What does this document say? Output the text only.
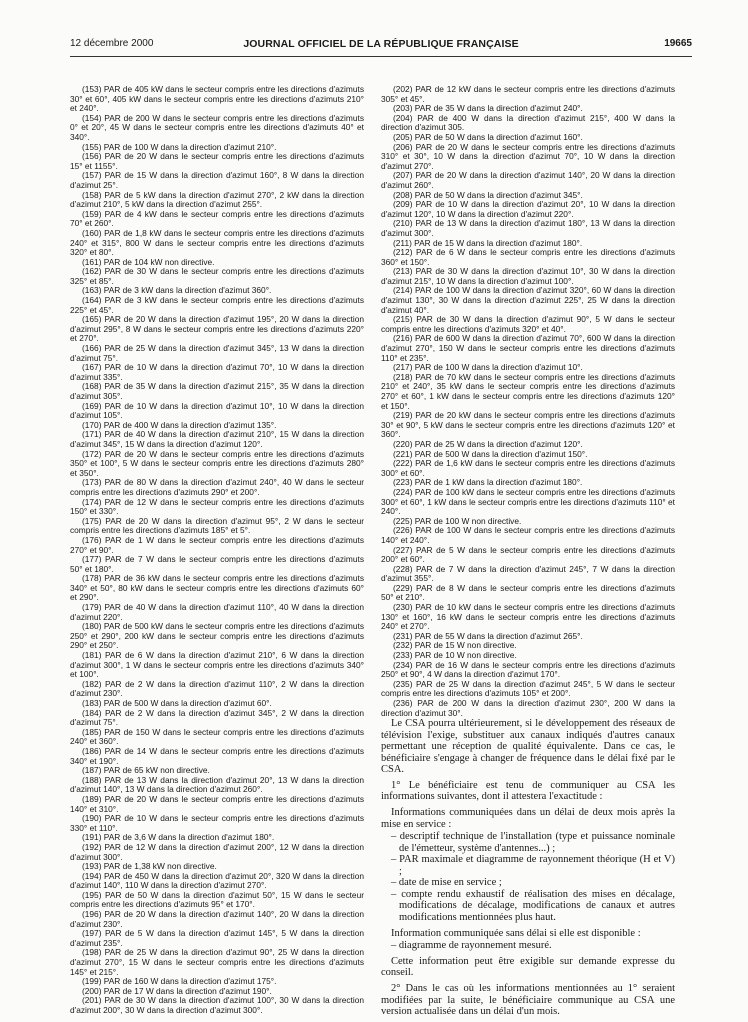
12 décembre 2000	JOURNAL OFFICIEL DE LA RÉPUBLIQUE FRANÇAISE	19665

(153) PAR de 405 kW dans le secteur compris entre les directions d'azimuts 30° et 60°, 405 kW dans le secteur compris entre les directions d'azimuts 210° et 240°.

(154) PAR de 200 W dans le secteur compris entre les directions d'azimuts 0° et 20°, 45 W dans le secteur compris entre les directions d'azimuts 40° et 340°.

(155) PAR de 100 W dans la direction d'azimut 210°.

(156) PAR de 20 W dans le secteur compris entre les directions d'azimuts 15° et 1155°.

(157) PAR de 15 W dans la direction d'azimut 160°, 8 W dans la direction d'azimut 25°.

(158) PAR de 5 kW dans la direction d'azimut 270°, 2 kW dans la direction d'azimut 210°, 5 kW dans la direction d'azimut 255°.

(159) PAR de 4 kW dans le secteur compris entre les directions d'azimuts 70° et 260°.

(160) PAR de 1,8 kW dans le secteur compris entre les directions d'azimuts 240° et 315°, 800 W dans le secteur compris entre les directions d'azimuts 320° et 80°.

(161) PAR de 104 kW non directive.

(162) PAR de 30 W dans le secteur compris entre les directions d'azimuts 325° et 85°.

(163) PAR de 3 kW dans la direction d'azimut 360°.

(164) PAR de 3 kW dans le secteur compris entre les directions d'azimuts 225° et 45°.

(165) PAR de 20 W dans la direction d'azimut 195°, 20 W dans la direction d'azimut 295°, 8 W dans le secteur compris entre les directions d'azimuts 220° et 270°.

(166) PAR de 25 W dans la direction d'azimut 345°, 13 W dans la direction d'azimut 75°.

(167) PAR de 10 W dans la direction d'azimut 70°, 10 W dans la direction d'azimut 335°.

(168) PAR de 35 W dans la direction d'azimut 215°, 35 W dans la direction d'azimut 305°.

(169) PAR de 10 W dans la direction d'azimut 10°, 10 W dans la direction d'azimut 105°.

(170) PAR de 400 W dans la direction d'azimut 135°.

(171) PAR de 40 W dans la direction d'azimut 210°, 15 W dans la direction d'azimut 345°, 15 W dans la direction d'azimut 120°.

(172) PAR de 20 W dans le secteur compris entre les directions d'azimuts 350° et 100°, 5 W dans le secteur compris entre les directions d'azimuts 280° et 350°.

(173) PAR de 80 W dans la direction d'azimut 240°, 40 W dans le secteur compris entre les directions d'azimuts 290° et 200°.

(174) PAR de 12 W dans le secteur compris entre les directions d'azimuts 150° et 330°.

(175) PAR de 20 W dans la direction d'azimut 95°, 2 W dans le secteur compris entre les directions d'azimuts 185° et 5°.

(176) PAR de 1 W dans le secteur compris entre les directions d'azimuts 270° et 90°.

(177) PAR de 7 W dans le secteur compris entre les directions d'azimuts 50° et 180°.

(178) PAR de 36 kW dans le secteur compris entre les directions d'azimuts 340° et 50°, 80 kW dans le secteur compris entre les directions d'azimuts 60° et 290°.

(179) PAR de 40 W dans la direction d'azimut 110°, 40 W dans la direction d'azimut 220°.

(180) PAR de 500 kW dans le secteur compris entre les directions d'azimuts 250° et 290°, 200 kW dans le secteur compris entre les directions d'azimuts 290° et 250°.

(181) PAR de 6 W dans la direction d'azimut 210°, 6 W dans la direction d'azimut 300°, 1 W dans le secteur compris entre les directions d'azimuts 340° et 100°.

(182) PAR de 2 W dans la direction d'azimut 110°, 2 W dans la direction d'azimut 230°.

(183) PAR de 500 W dans la direction d'azimut 60°.

(184) PAR de 2 W dans la direction d'azimut 345°, 2 W dans la direction d'azimut 75°.

(185) PAR de 150 W dans le secteur compris entre les directions d'azimuts 240° et 360°.

(186) PAR de 14 W dans le secteur compris entre les directions d'azimuts 340° et 190°.

(187) PAR de 65 kW non directive.

(188) PAR de 13 W dans la direction d'azimut 20°, 13 W dans la direction d'azimut 140°, 13 W dans la direction d'azimut 260°.

(189) PAR de 20 W dans le secteur compris entre les directions d'azimuts 140° et 310°.

(190) PAR de 10 W dans le secteur compris entre les directions d'azimuts 330° et 110°.

(191) PAR de 3,6 W dans la direction d'azimut 180°.

(192) PAR de 12 W dans la direction d'azimut 200°, 12 W dans la direction d'azimut 300°.

(193) PAR de 1,38 kW non directive.

(194) PAR de 450 W dans la direction d'azimut 20°, 320 W dans la direction d'azimut 140°, 110 W dans la direction d'azimut 270°.

(195) PAR de 50 W dans la direction d'azimut 50°, 15 W dans le secteur compris entre les directions d'azimuts 95° et 170°.

(196) PAR de 20 W dans la direction d'azimut 140°, 20 W dans la direction d'azimut 230°.

(197) PAR de 5 W dans la direction d'azimut 145°, 5 W dans la direction d'azimut 235°.

(198) PAR de 25 W dans la direction d'azimut 90°, 25 W dans la direction d'azimut 270°, 15 W dans le secteur compris entre les directions d'azimuts 145° et 215°.

(199) PAR de 160 W dans la direction d'azimut 175°.

(200) PAR de 17 W dans la direction d'azimut 190°.

(201) PAR de 30 W dans la direction d'azimut 100°, 30 W dans la direction d'azimut 200°, 30 W dans la direction d'azimut 300°.

(202) PAR de 12 kW dans le secteur compris entre les directions d'azimuts 305° et 45°.

(203) PAR de 35 W dans la direction d'azimut 240°.

(204) PAR de 400 W dans la direction d'azimut 215°, 400 W dans la direction d'azimut 305.

(205) PAR de 50 W dans la direction d'azimut 160°.

(206) PAR de 20 W dans le secteur compris entre les directions d'azimuts 310° et 30°, 10 W dans la direction d'azimut 70°, 10 W dans la direction d'azimut 270°.

(207) PAR de 20 W dans la direction d'azimut 140°, 20 W dans la direction d'azimut 260°.

(208) PAR de 50 W dans la direction d'azimut 345°.

(209) PAR de 10 W dans la direction d'azimut 20°, 10 W dans la direction d'azimut 120°, 10 W dans la direction d'azimut 220°.

(210) PAR de 13 W dans la direction d'azimut 180°, 13 W dans la direction d'azimut 300°.

(211) PAR de 15 W dans la direction d'azimut 180°.

(212) PAR de 6 W dans le secteur compris entre les directions d'azimuts 360° et 150°.

(213) PAR de 30 W dans la direction d'azimut 10°, 30 W dans la direction d'azimut 215°, 10 W dans la direction d'azimut 100°.

(214) PAR de 100 W dans la direction d'azimut 320°, 60 W dans la direction d'azimut 130°, 30 W dans la direction d'azimut 225°, 25 W dans la direction d'azimut 40°.

(215) PAR de 30 W dans la direction d'azimut 90°, 5 W dans le secteur compris entre les directions d'azimuts 320° et 40°.

(216) PAR de 600 W dans la direction d'azimut 70°, 600 W dans la direction d'azimut 270°, 150 W dans le secteur compris entre les directions d'azimuts 110° et 235°.

(217) PAR de 100 W dans la direction d'azimut 10°.

(218) PAR de 70 kW dans le secteur compris entre les directions d'azimuts 210° et 240°, 35 kW dans le secteur compris entre les directions d'azimuts 270° et 60°, 1 kW dans le secteur compris entre les directions d'azimuts 120° et 150°.

(219) PAR de 20 kW dans le secteur compris entre les directions d'azimuts 30° et 90°, 5 kW dans le secteur compris entre les directions d'azimuts 120° et 360°.

(220) PAR de 25 W dans la direction d'azimut 120°.

(221) PAR de 500 W dans la direction d'azimut 150°.

(222) PAR de 1,6 kW dans le secteur compris entre les directions d'azimuts 300° et 60°.

(223) PAR de 1 kW dans la direction d'azimut 180°.

(224) PAR de 100 kW dans le secteur compris entre les directions d'azimuts 300° et 60°, 1 kW dans le secteur compris entre les directions d'azimuts 110° et 240°.

(225) PAR de 100 W non directive.

(226) PAR de 100 W dans le secteur compris entre les directions d'azimuts 140° et 240°.

(227) PAR de 5 W dans le secteur compris entre les directions d'azimuts 200° et 60°.

(228) PAR de 7 W dans la direction d'azimut 245°, 7 W dans la direction d'azimut 355°.

(229) PAR de 8 W dans le secteur compris entre les directions d'azimuts 50° et 210°.

(230) PAR de 10 kW dans le secteur compris entre les directions d'azimuts 130° et 160°, 16 kW dans le secteur compris entre les directions d'azimuts 240° et 270°.

(231) PAR de 55 W dans la direction d'azimut 265°.

(232) PAR de 15 W non directive.

(233) PAR de 10 W non directive.

(234) PAR de 16 W dans le secteur compris entre les directions d'azimuts 250° et 90°, 4 W dans la direction d'azimut 170°.

(235) PAR de 25 W dans la direction d'azimut 245°, 5 W dans le secteur compris entre les directions d'azimuts 105° et 200°.

(236) PAR de 200 W dans la direction d'azimut 230°, 200 W dans la direction d'azimut 30°.

Le CSA pourra ultérieurement, si le développement des réseaux de télévision l'exige, substituer aux canaux indiqués d'autres canaux permettant une réception de qualité équivalente. Dans ce cas, le bénéficiaire s'engage à changer de fréquence dans le délai fixé par le CSA.

1° Le bénéficiaire est tenu de communiquer au CSA les informations suivantes, dont il attestera l'exactitude :

Informations communiquées dans un délai de deux mois après la mise en service :

– descriptif technique de l'installation (type et puissance nominale de l'émetteur, système d'antennes...) ;

– PAR maximale et diagramme de rayonnement théorique (H et V) ;

– date de mise en service ;

– compte rendu exhaustif de réalisation des mises en décalage, modifications de décalage, modifications de canaux et autres modifications mentionnées plus haut.

Information communiquée sans délai si elle est disponible :

– diagramme de rayonnement mesuré.

Cette information peut être exigible sur demande expresse du conseil.

2° Dans le cas où les informations mentionnées au 1° seraient modifiées par la suite, le bénéficiaire communique au CSA une version actualisée dans un délai d'un mois.
